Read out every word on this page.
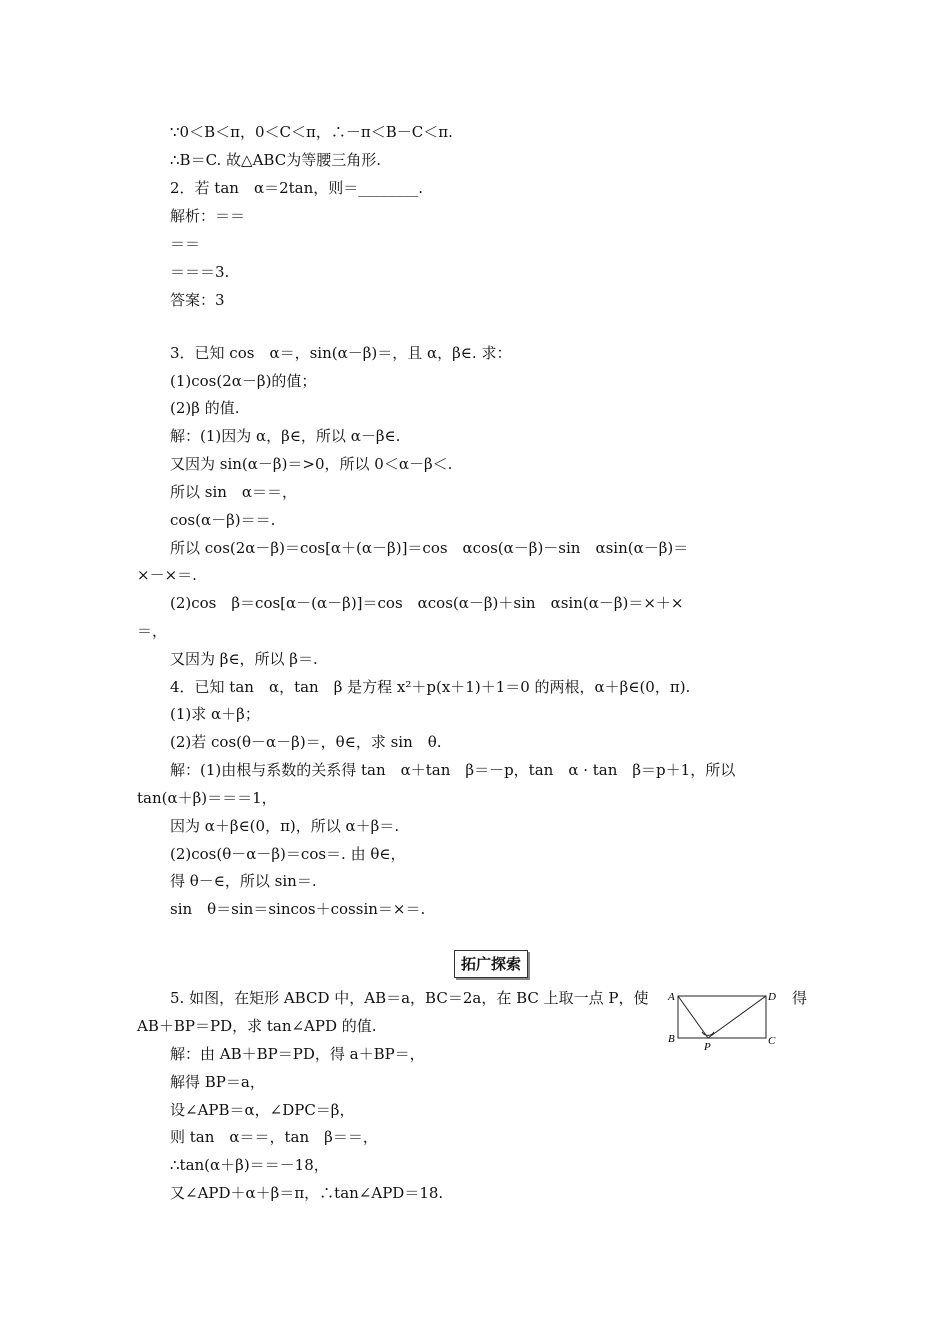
∵0＜B＜π，0＜C＜π，∴－π＜B－C＜π.
∴B＝C. 故△ABC为等腰三角形.
2．若 tan　α＝2tan，则＝________.
解析：＝＝
＝＝
＝＝＝3.
答案：3
3．已知 cos　α＝，sin(α－β)＝，且 α，β∈. 求：
(1)cos(2α－β)的值；
(2)β 的值.
解：(1)因为 α，β∈，所以 α－β∈.
又因为 sin(α－β)＝>0，所以 0＜α－β＜.
所以 sin　α＝＝，
cos(α－β)＝＝.
所以 cos(2α－β)＝cos[α＋(α－β)]＝cos　αcos(α－β)－sin　αsin(α－β)＝
×－×＝.
(2)cos　β＝cos[α－(α－β)]＝cos　αcos(α－β)＋sin　αsin(α－β)＝×＋×
＝，
又因为 β∈，所以 β＝.
4．已知 tan　α，tan　β 是方程 x²＋p(x＋1)＋1＝0 的两根，α＋β∈(0，π).
(1)求 α＋β；
(2)若 cos(θ－α－β)＝，θ∈，求 sin　θ.
解：(1)由根与系数的关系得 tan　α＋tan　β＝－p，tan　α · tan　β＝p＋1，所以
tan(α＋β)＝＝＝1，
因为 α＋β∈(0，π)，所以 α＋β＝.
(2)cos(θ－α－β)＝cos＝. 由 θ∈，
得 θ－∈，所以 sin＝.
sin　θ＝sin＝sincos＋cossin＝×＝.
拓广探索
5. 如图，在矩形 ABCD 中，AB＝a，BC＝2a，在 BC 上取一点 P，使	得
AB＋BP＝PD，求 tan∠APD 的值.
解：由 AB＋BP＝PD，得 a＋BP＝，
解得 BP＝a，
设∠APB＝α，∠DPC＝β，
则 tan　α＝＝，tan　β＝＝，
∴tan(α＋β)＝＝－18，
又∠APD＋α＋β＝π，∴tan∠APD＝18.
A	D
B	C
P
